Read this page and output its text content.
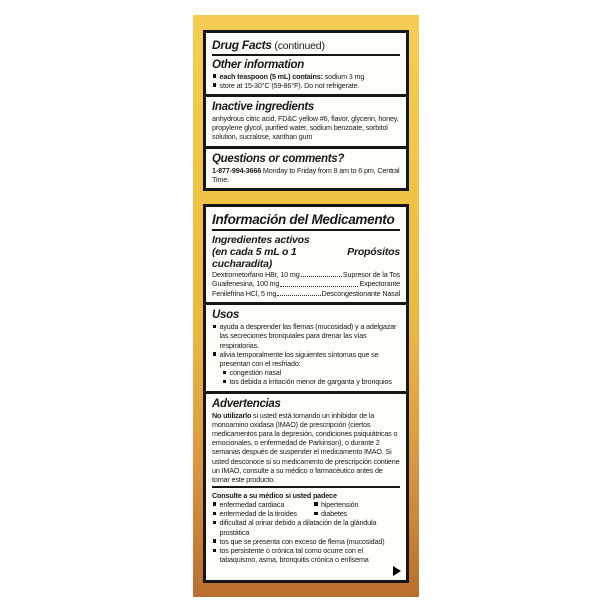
Drug Facts (continued)
Other information
each teaspoon (5 mL) contains: sodium 3 mg
store at 15-30°C (59-86°F). Do not refrigerate.
Inactive ingredients
anhydrous citric acid, FD&C yellow #6, flavor, glycerin, honey, propylene glycol, purified water, sodium benzoate, sorbitol solution, sucralose, xanthan gum
Questions or comments?
1-877-994-3666 Monday to Friday from 8 am to 6 pm, Central Time.
Información del Medicamento
Ingredientes activos
(en cada 5 mL o 1 cucharadita)
Propósitos
Dextrometorfano HBr, 10 mg	Supresor de la Tos
Guaifenesina, 100 mg	Expectorante
Fenilefrina HCl, 5 mg	Descongestionante Nasal
Usos
ayuda a desprender las flemas (mucosidad) y a adelgazar las secreciones bronquiales para drenar las vías respiratorias.
alivia temporalmente los siguientes síntomas que se presentan con el resfriado:
congestión nasal
tos debida a irritación menor de garganta y bronquios
Advertencias
No utilizarlo si usted está tomando un inhibidor de la monoamino oxidasa (IMAO) de prescripción (ciertos medicamentos para la depresión, condiciones psiquiátricas o emocionales, o enfermedad de Parkinson), o durante 2 semanas después de suspender el medicamento IMAO. Si usted desconoce si su medicamento de prescripción contiene un IMAO, consulte a su médico o farmacéutico antes de tomar este producto.
Consulte a su médico si usted padece
enfermedad cardiaca	hipertensión
enfermedad de la tiroides	diabetes
dificultad al orinar debido a dilatación de la glándula prostática
tos que se presenta con exceso de flema (mucosidad)
tos persistente o crónica tal como ocurre con el tabaquismo, asma, bronquitis crónica o enfisema
